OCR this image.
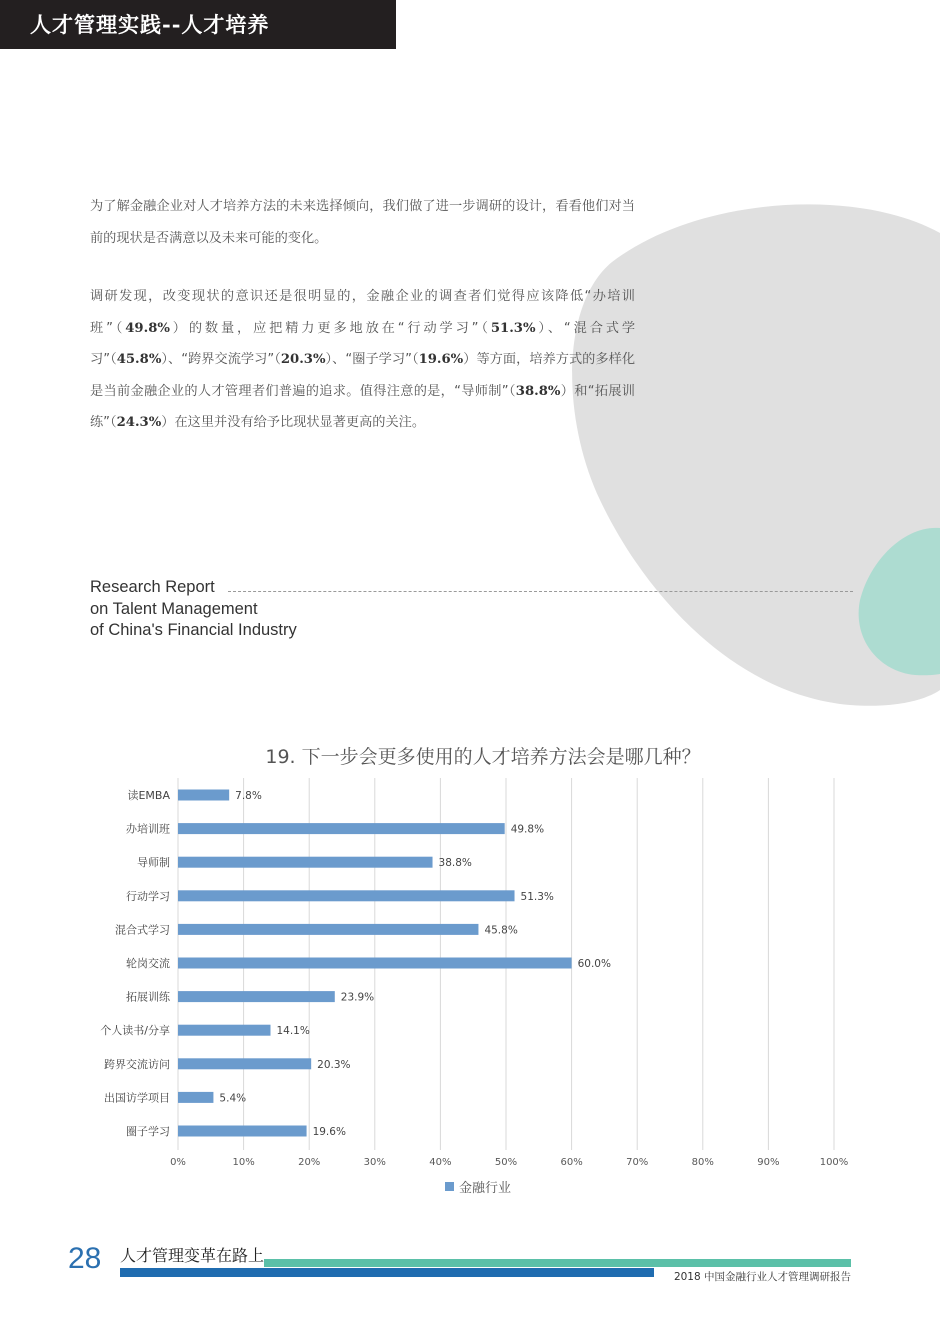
人才管理实践--人才培养

为了解金融企业对人才培养方法的未来选择倾向，我们做了进一步调研的设计，看看他们对当前的现状是否满意以及未来可能的变化。

调研发现，改变现状的意识还是很明显的，金融企业的调查者们觉得应该降低“办培训班”（49.8%）的数量，应把精力更多地放在“行动学习”（51.3%）、“混合式学习”（45.8%）、“跨界交流学习”（20.3%）、“圈子学习”（19.6%）等方面，培养方式的多样化是当前金融企业的人才管理者们普遍的追求。值得注意的是，“导师制”（38.8%）和“拓展训练”（24.3%）在这里并没有给予比现状显著更高的关注。

Research Report
on Talent Management
of China's Financial Industry
19. 下一步会更多使用的人才培养方法会是哪几种？
0%	10%	20%	30%	40%	50%	60%	70%	80%	90%	100%
读EMBA	7.8%
办培训班	49.8%
导师制	38.8%
行动学习	51.3%
混合式学习	45.8%
轮岗交流	60.0%
拓展训练	23.9%
个人读书/分享	14.1%
跨界交流访问	20.3%
出国访学项目	5.4%
圈子学习	19.6%
金融行业
28 人才管理变革在路上
2018 中国金融行业人才管理调研报告
